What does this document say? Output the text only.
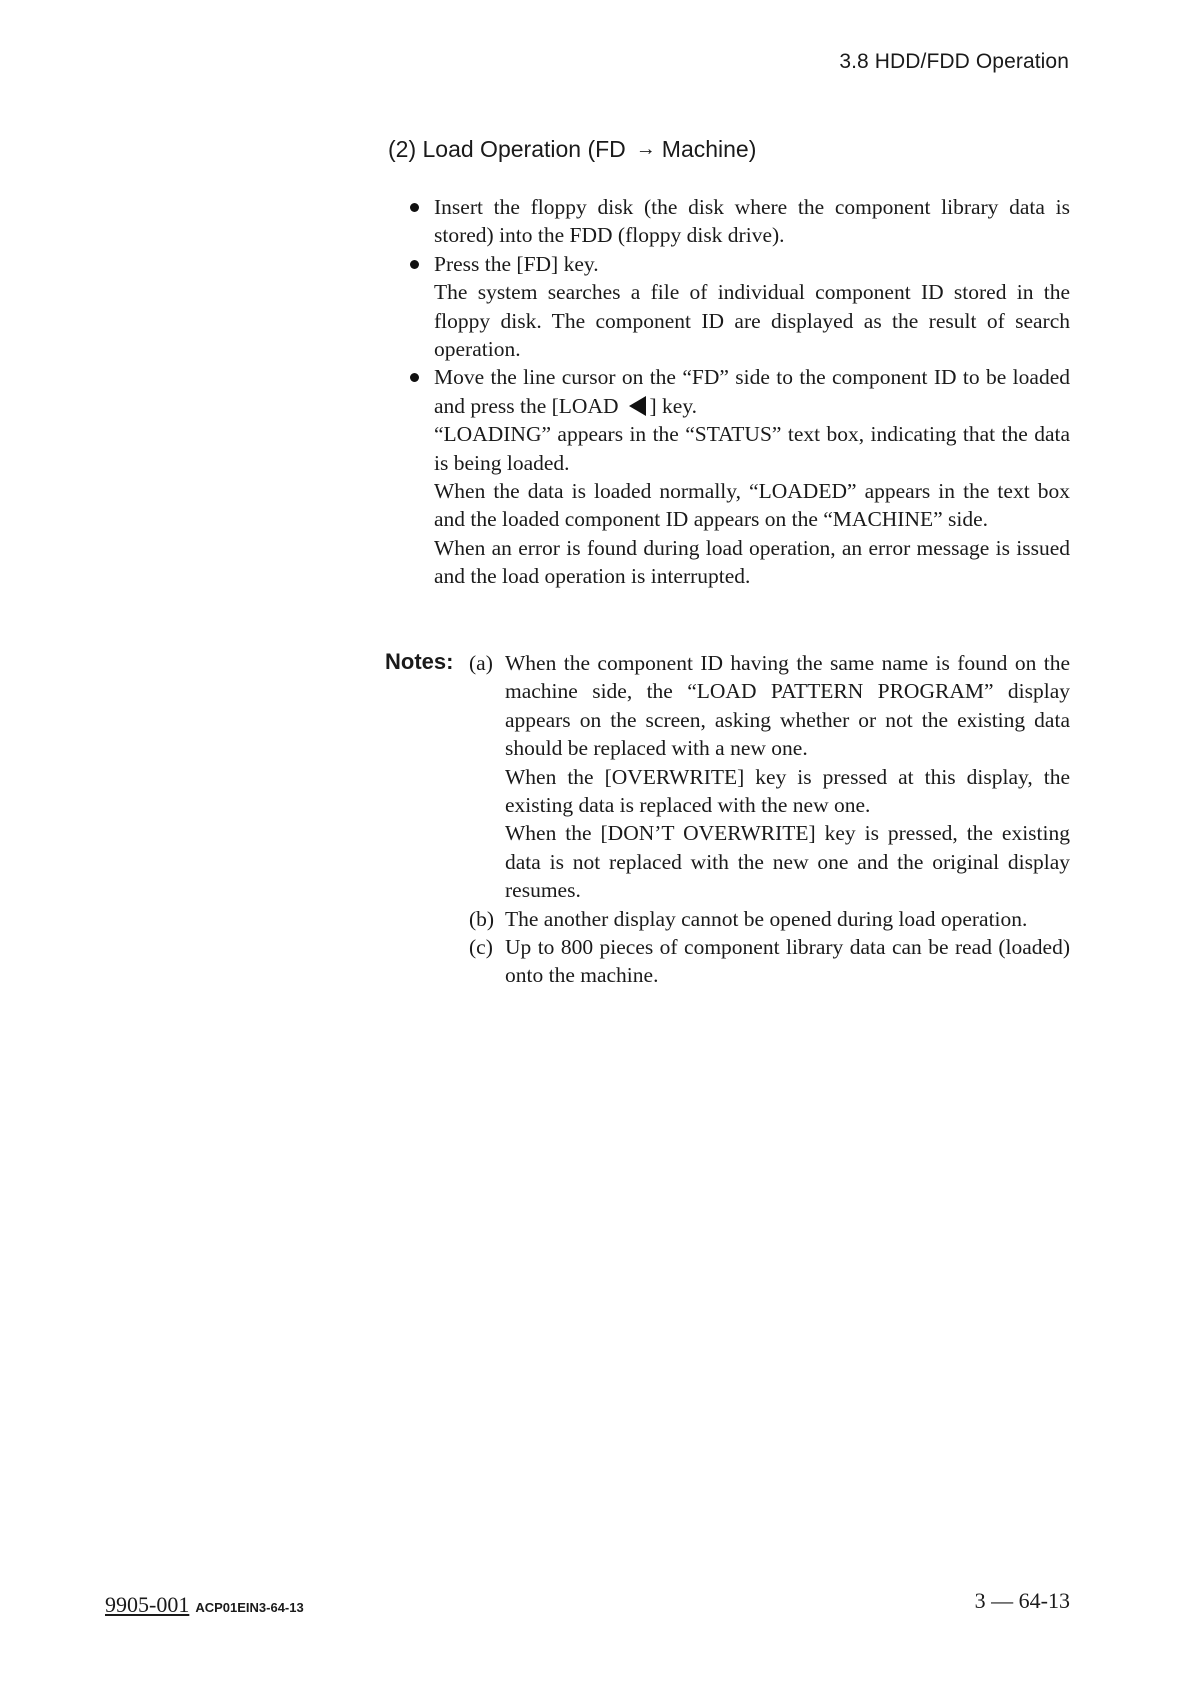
3.8 HDD/FDD Operation
(2) Load Operation (FD → Machine)

Insert the floppy disk (the disk where the component library data is stored) into the FDD (floppy disk drive).

Press the [FD] key.

The system searches a file of individual component ID stored in the floppy disk. The component ID are displayed as the result of search operation.

Move the line cursor on the “FD” side to the component ID to be loaded and press the [LOAD ] key.

“LOADING” appears in the “STATUS” text box, indicating that the data is being loaded.

When the data is loaded normally, “LOADED” appears in the text box and the loaded component ID appears on the “MACHINE” side.

When an error is found during load operation, an error message is issued and the load operation is interrupted.

Notes: (a) When the component ID having the same name is found on the machine side, the “LOAD PATTERN PROGRAM” display appears on the screen, asking whether or not the existing data should be replaced with a new one.

When the [OVERWRITE] key is pressed at this display, the existing data is replaced with the new one.

When the [DON’T OVERWRITE] key is pressed, the existing data is not replaced with the new one and the original display resumes.

(b) The another display cannot be opened during load operation.

(c) Up to 800 pieces of component library data can be read (loaded) onto the machine.

9905-001 ACP01EIN3-64-13	3 — 64-13
